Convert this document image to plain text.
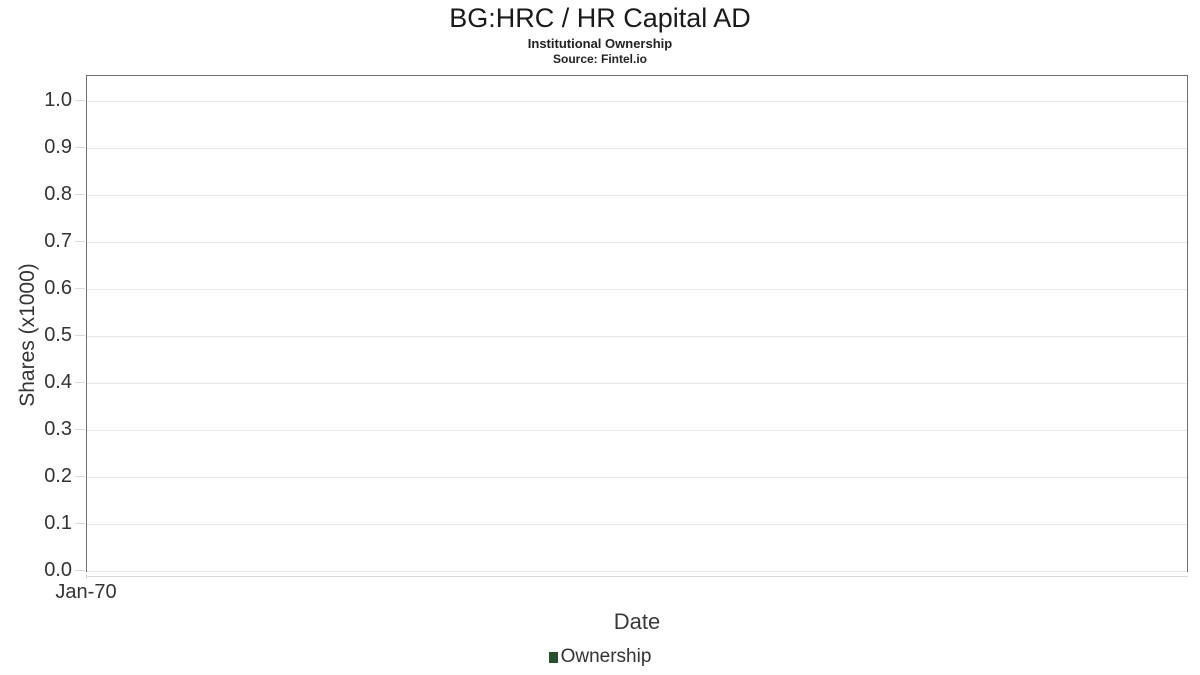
BG:HRC / HR Capital AD
Institutional Ownership
Source: Fintel.io
Shares (x1000)
Jan-70
Date
Ownership
0.0
0.1
0.2
0.3
0.4
0.5
0.6
0.7
0.8
0.9
1.0
